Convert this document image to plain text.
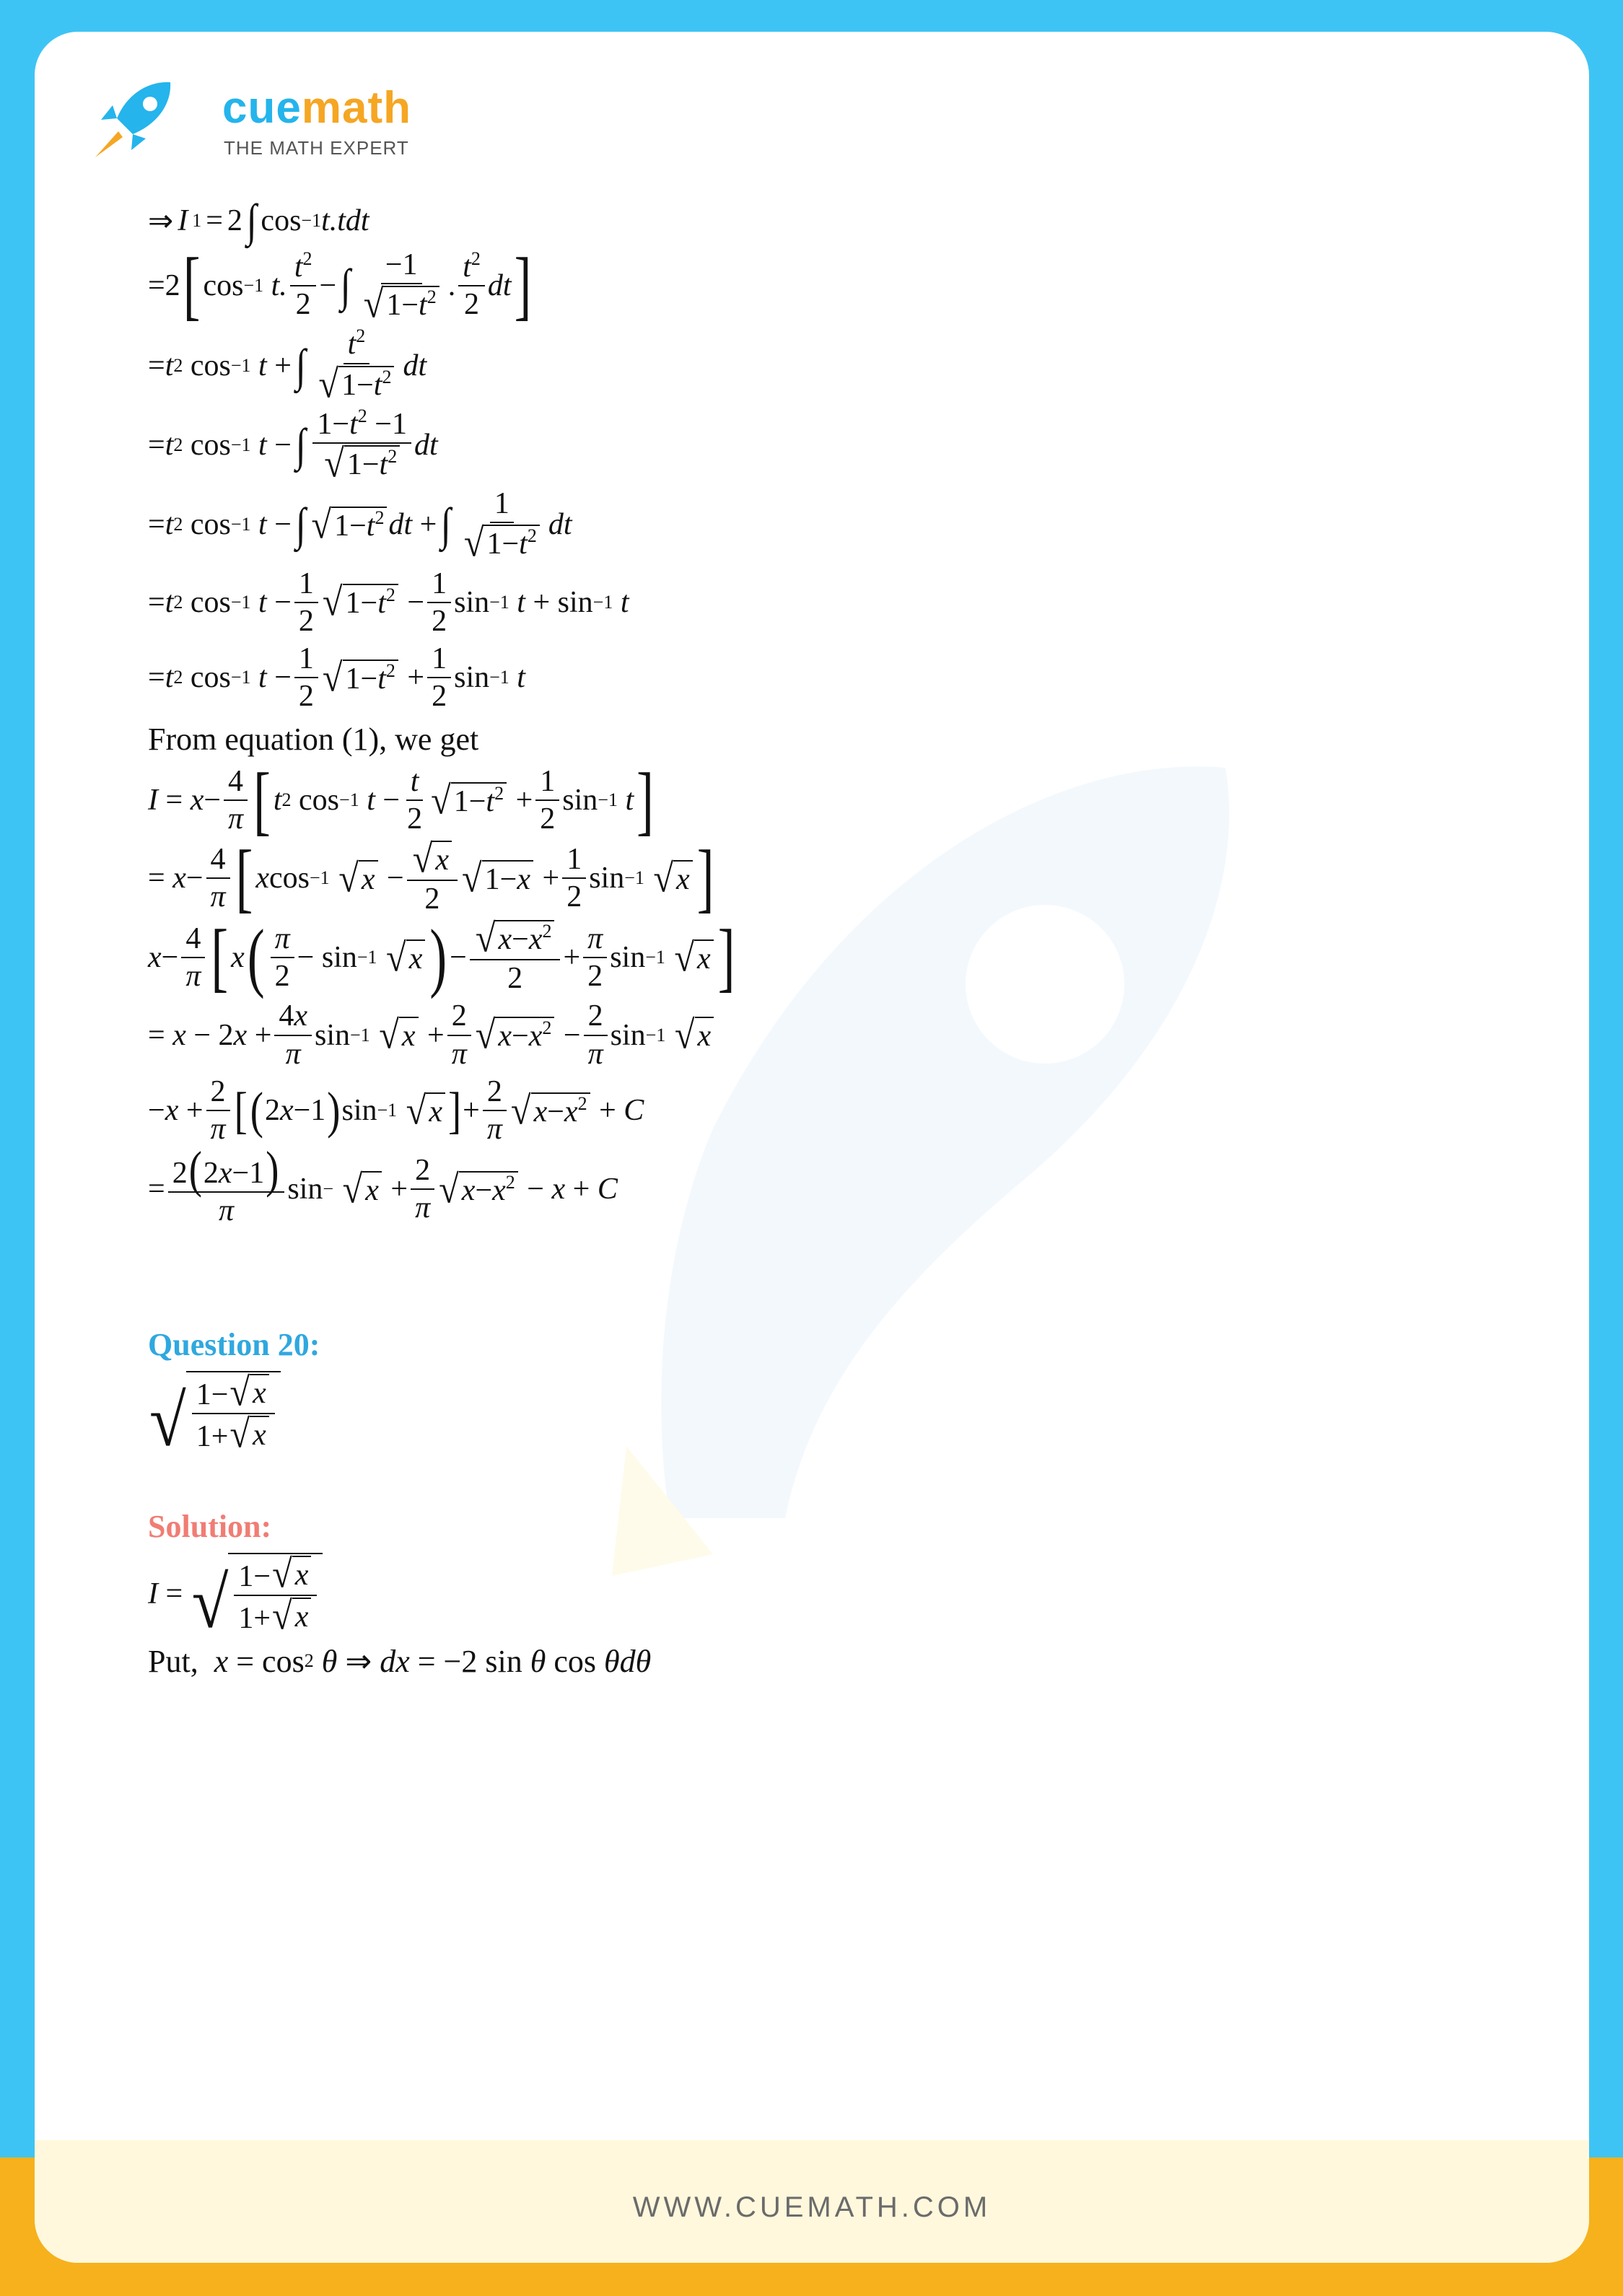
cuemath
THE MATH EXPERT
⇒ I 1 = 2 ∫ cos −1 t.tdt
=2 [ cos −1
t. $\frac{t^2}{2}$ − ∫ $\frac{-1}{√ 1-t^2}$ . $\frac{t^2}{2}$ dt ]
= t 2 cos −1
t + ∫ $\frac{t^2}{√ 1-t^2}$ dt
= t 2 cos −1
t − ∫ $\frac{1-t^2 -1}{√ 1-t^2}$ dt
= t 2 cos −1
t − ∫ √ $1-t^2$ dt + ∫ $\frac{1}{√ 1-t^2}$ dt
= t 2 cos −1
$t - \frac{1}{2}$ √ $1-t^2 - \frac{1}{2}$ sin −1
t + sin −1
t
= t 2 cos −1
$t - \frac{1}{2}$ √ $1-t^2 + \frac{1}{2}$ sin −1
t
From equation (1), we get
$I = x - \frac{4}{\pi}$ [ t 2 cos −1
$t - \frac{t}{2}$ √ $1-t^2 + \frac{1}{2}$ sin −1
t ]
= $x - \frac{4}{\pi}$ [ x cos −1
√ $x - \frac{√ x}{2}$ √ $1-x + \frac{1}{2}$ sin −1
√ x ]
$x - \frac{4}{\pi}$ [ x ( $\frac{\pi}{2} - \sin -1$
√ x ) − $\frac{√ x-x^2}{2} + \frac{\pi}{2}$ sin −1
√ x ]
= x − 2 $x + \frac{4x}{\pi}$ sin −1
√ $x + \frac{2}{\pi}$ √ $x-x^2 - \frac{2}{\pi}$ sin −1
√ x
− $x + \frac{2}{\pi}$ [ ( 2 x −1 ) sin −1
√ x ] + $\frac{2}{\pi}$ √ $x-x^2 + C$
= $\frac{2(2x-1)}{\pi}$ sin −
√ $x + \frac{2}{\pi}$ √ $x-x^2 - x + C$
Question 20:
√ $\frac{1- √ x}{1+ √ x}$
Solution:
I = √ $\frac{1- √ x}{1+ √ x}$
Put,
x = cos 2
θ ⇒ dx = −2 sin θ cos θdθ
WWW.CUEMATH.COM
